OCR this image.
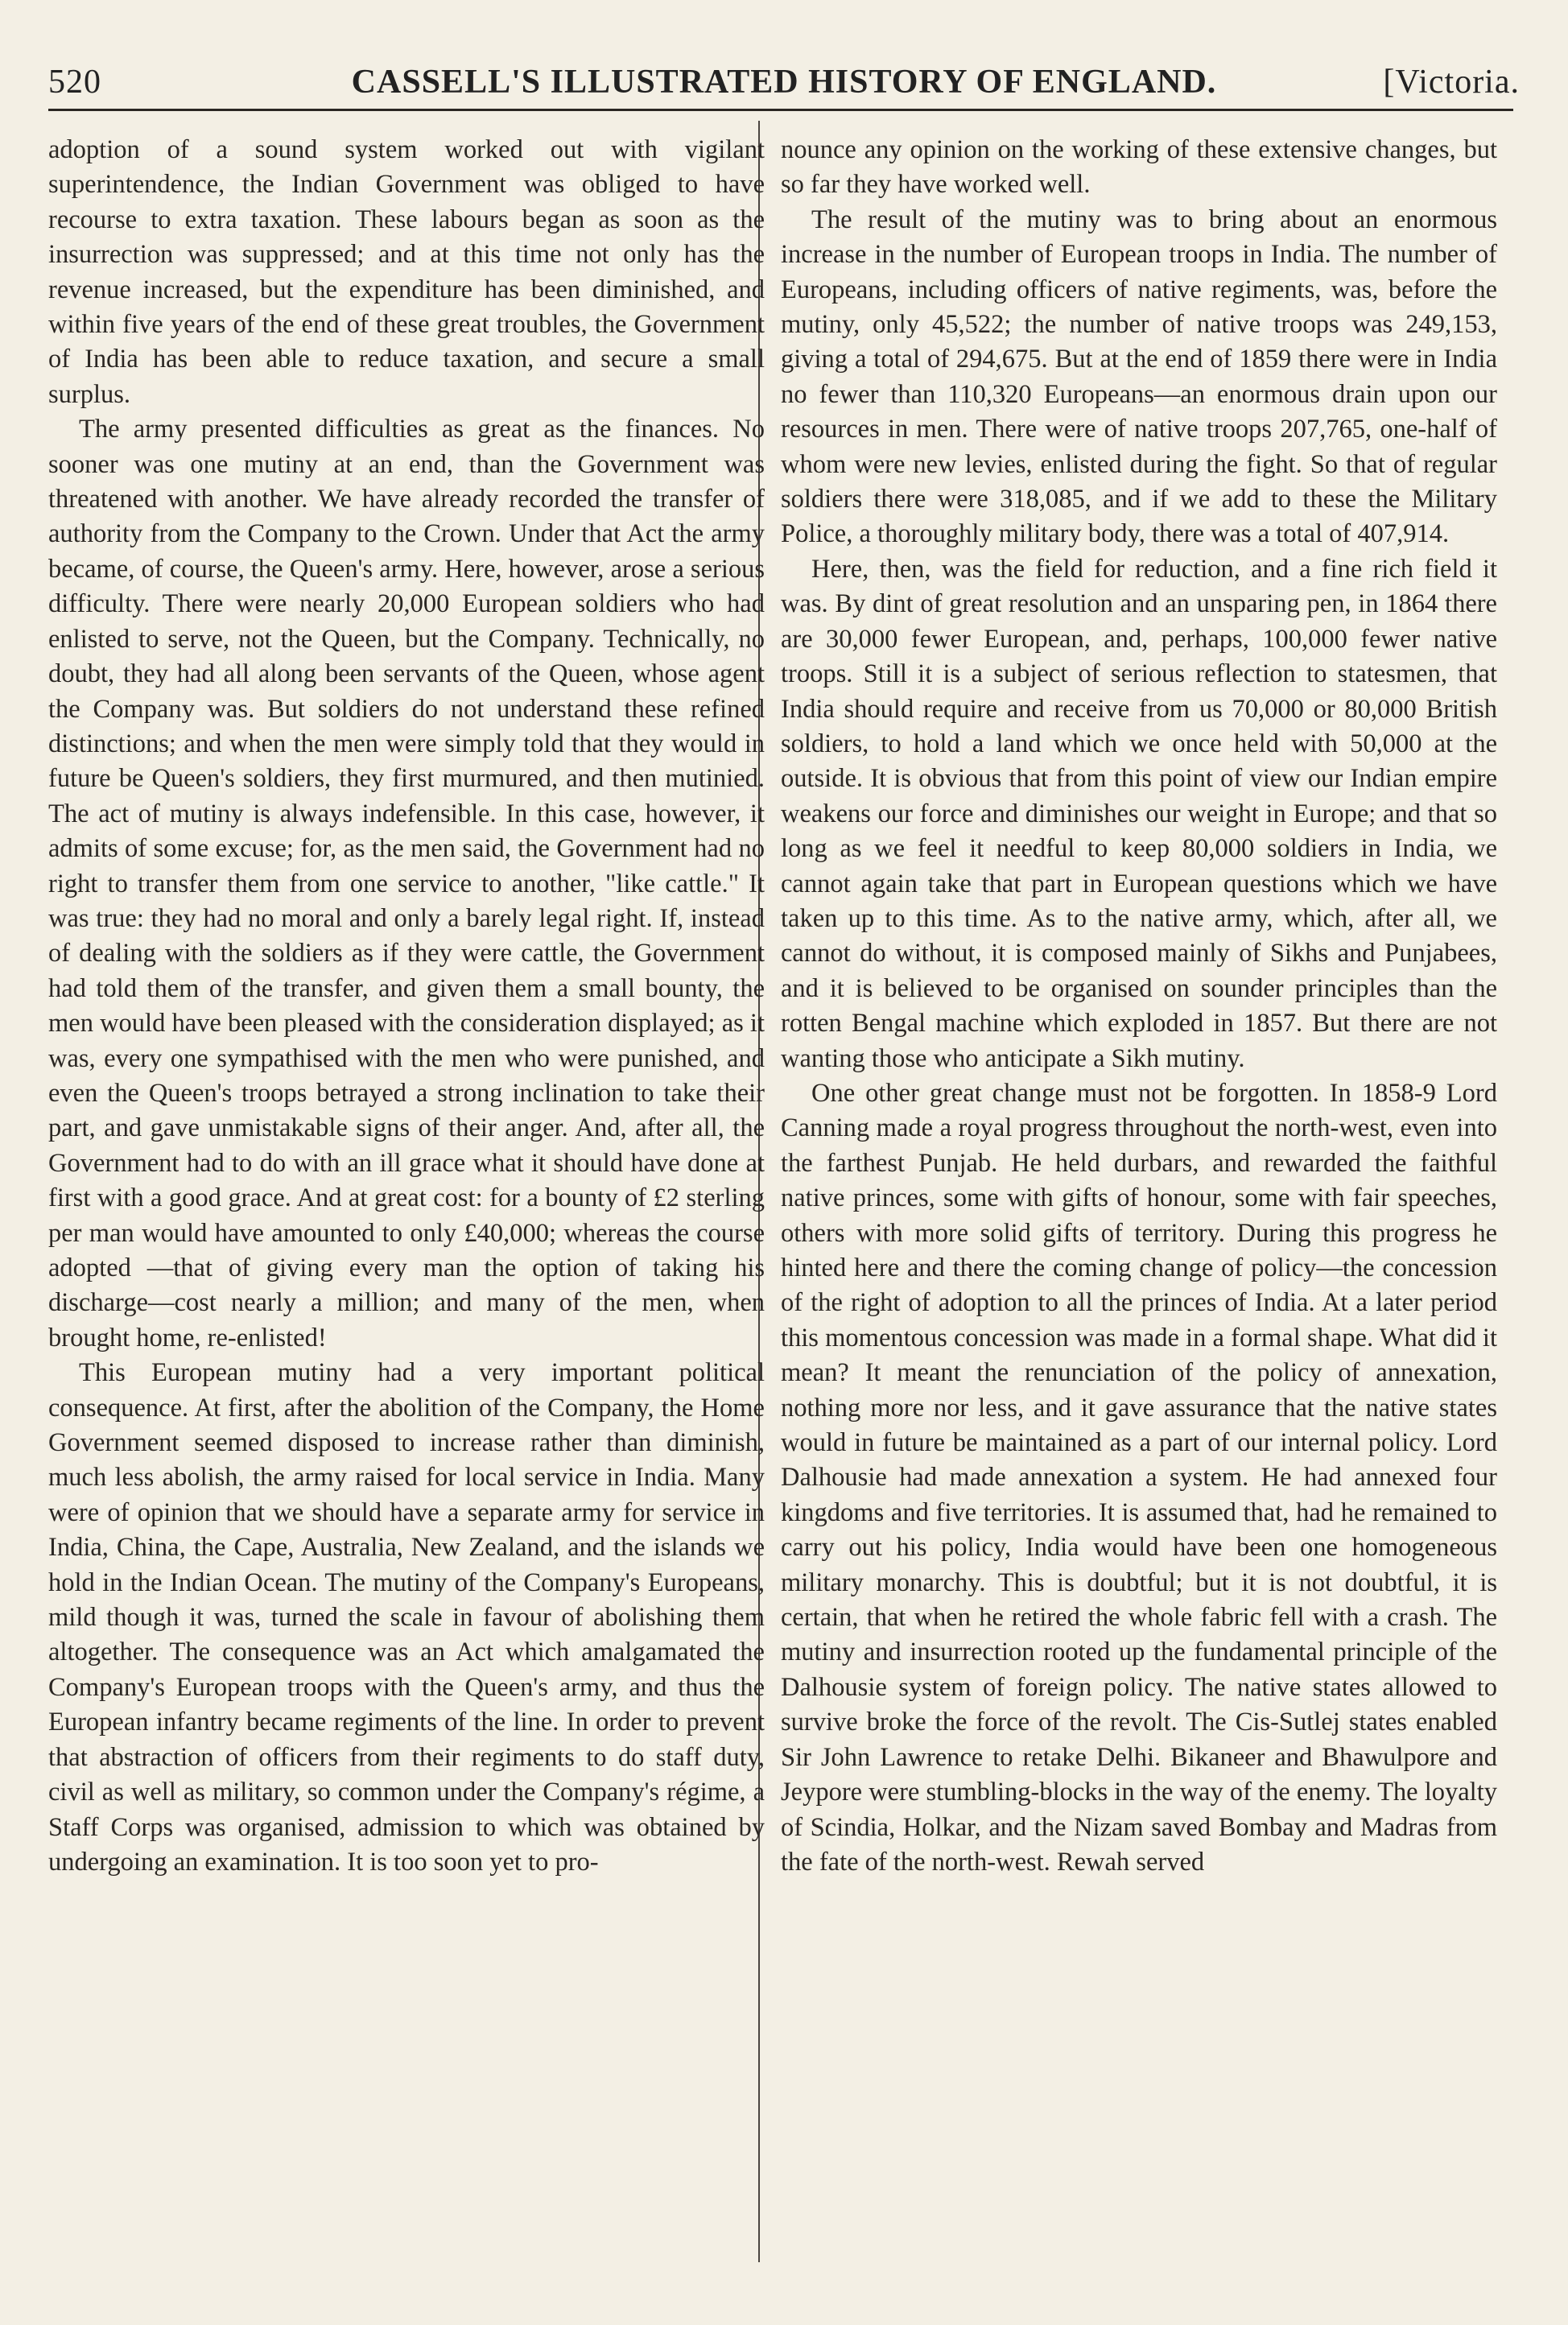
520	CASSELL'S ILLUSTRATED HISTORY OF ENGLAND.	[Victoria.

adoption of a sound system worked out with vigilant superintendence, the Indian Government was obliged to have recourse to extra taxation. These labours began as soon as the insurrection was suppressed; and at this time not only has the revenue increased, but the expenditure has been diminished, and within five years of the end of these great troubles, the Government of India has been able to reduce taxation, and secure a small surplus.

The army presented difficulties as great as the finances. No sooner was one mutiny at an end, than the Government was threatened with another. We have already recorded the transfer of authority from the Company to the Crown. Under that Act the army became, of course, the Queen's army. Here, however, arose a serious difficulty. There were nearly 20,000 European soldiers who had enlisted to serve, not the Queen, but the Company. Technically, no doubt, they had all along been servants of the Queen, whose agent the Company was. But soldiers do not understand these refined distinctions; and when the men were simply told that they would in future be Queen's soldiers, they first murmured, and then mutinied. The act of mutiny is always indefensible. In this case, however, it admits of some excuse; for, as the men said, the Government had no right to transfer them from one service to another, "like cattle." It was true: they had no moral and only a barely legal right. If, instead of dealing with the soldiers as if they were cattle, the Government had told them of the transfer, and given them a small bounty, the men would have been pleased with the consideration displayed; as it was, every one sympathised with the men who were punished, and even the Queen's troops betrayed a strong inclination to take their part, and gave unmistakable signs of their anger. And, after all, the Government had to do with an ill grace what it should have done at first with a good grace. And at great cost: for a bounty of £2 sterling per man would have amounted to only £40,000; whereas the course adopted —that of giving every man the option of taking his discharge—cost nearly a million; and many of the men, when brought home, re-enlisted!

This European mutiny had a very important political consequence. At first, after the abolition of the Company, the Home Government seemed disposed to increase rather than diminish, much less abolish, the army raised for local service in India. Many were of opinion that we should have a separate army for service in India, China, the Cape, Australia, New Zealand, and the islands we hold in the Indian Ocean. The mutiny of the Company's Europeans, mild though it was, turned the scale in favour of abolishing them altogether. The consequence was an Act which amalgamated the Company's European troops with the Queen's army, and thus the European infantry became regiments of the line. In order to prevent that abstraction of officers from their regiments to do staff duty, civil as well as military, so common under the Company's régime, a Staff Corps was organised, admission to which was obtained by undergoing an examination. It is too soon yet to pro-

nounce any opinion on the working of these extensive changes, but so far they have worked well.

The result of the mutiny was to bring about an enormous increase in the number of European troops in India. The number of Europeans, including officers of native regiments, was, before the mutiny, only 45,522; the number of native troops was 249,153, giving a total of 294,675. But at the end of 1859 there were in India no fewer than 110,320 Europeans—an enormous drain upon our resources in men. There were of native troops 207,765, one-half of whom were new levies, enlisted during the fight. So that of regular soldiers there were 318,085, and if we add to these the Military Police, a thoroughly military body, there was a total of 407,914.

Here, then, was the field for reduction, and a fine rich field it was. By dint of great resolution and an unsparing pen, in 1864 there are 30,000 fewer European, and, perhaps, 100,000 fewer native troops. Still it is a subject of serious reflection to statesmen, that India should require and receive from us 70,000 or 80,000 British soldiers, to hold a land which we once held with 50,000 at the outside. It is obvious that from this point of view our Indian empire weakens our force and diminishes our weight in Europe; and that so long as we feel it needful to keep 80,000 soldiers in India, we cannot again take that part in European questions which we have taken up to this time. As to the native army, which, after all, we cannot do without, it is composed mainly of Sikhs and Punjabees, and it is believed to be organised on sounder principles than the rotten Bengal machine which exploded in 1857. But there are not wanting those who anticipate a Sikh mutiny.

One other great change must not be forgotten. In 1858-9 Lord Canning made a royal progress throughout the north-west, even into the farthest Punjab. He held durbars, and rewarded the faithful native princes, some with gifts of honour, some with fair speeches, others with more solid gifts of territory. During this progress he hinted here and there the coming change of policy—the concession of the right of adoption to all the princes of India. At a later period this momentous concession was made in a formal shape. What did it mean? It meant the renunciation of the policy of annexation, nothing more nor less, and it gave assurance that the native states would in future be maintained as a part of our internal policy. Lord Dalhousie had made annexation a system. He had annexed four kingdoms and five territories. It is assumed that, had he remained to carry out his policy, India would have been one homogeneous military monarchy. This is doubtful; but it is not doubtful, it is certain, that when he retired the whole fabric fell with a crash. The mutiny and insurrection rooted up the fundamental principle of the Dalhousie system of foreign policy. The native states allowed to survive broke the force of the revolt. The Cis-Sutlej states enabled Sir John Lawrence to retake Delhi. Bikaneer and Bhawulpore and Jeypore were stumbling-blocks in the way of the enemy. The loyalty of Scindia, Holkar, and the Nizam saved Bombay and Madras from the fate of the north-west. Rewah served
